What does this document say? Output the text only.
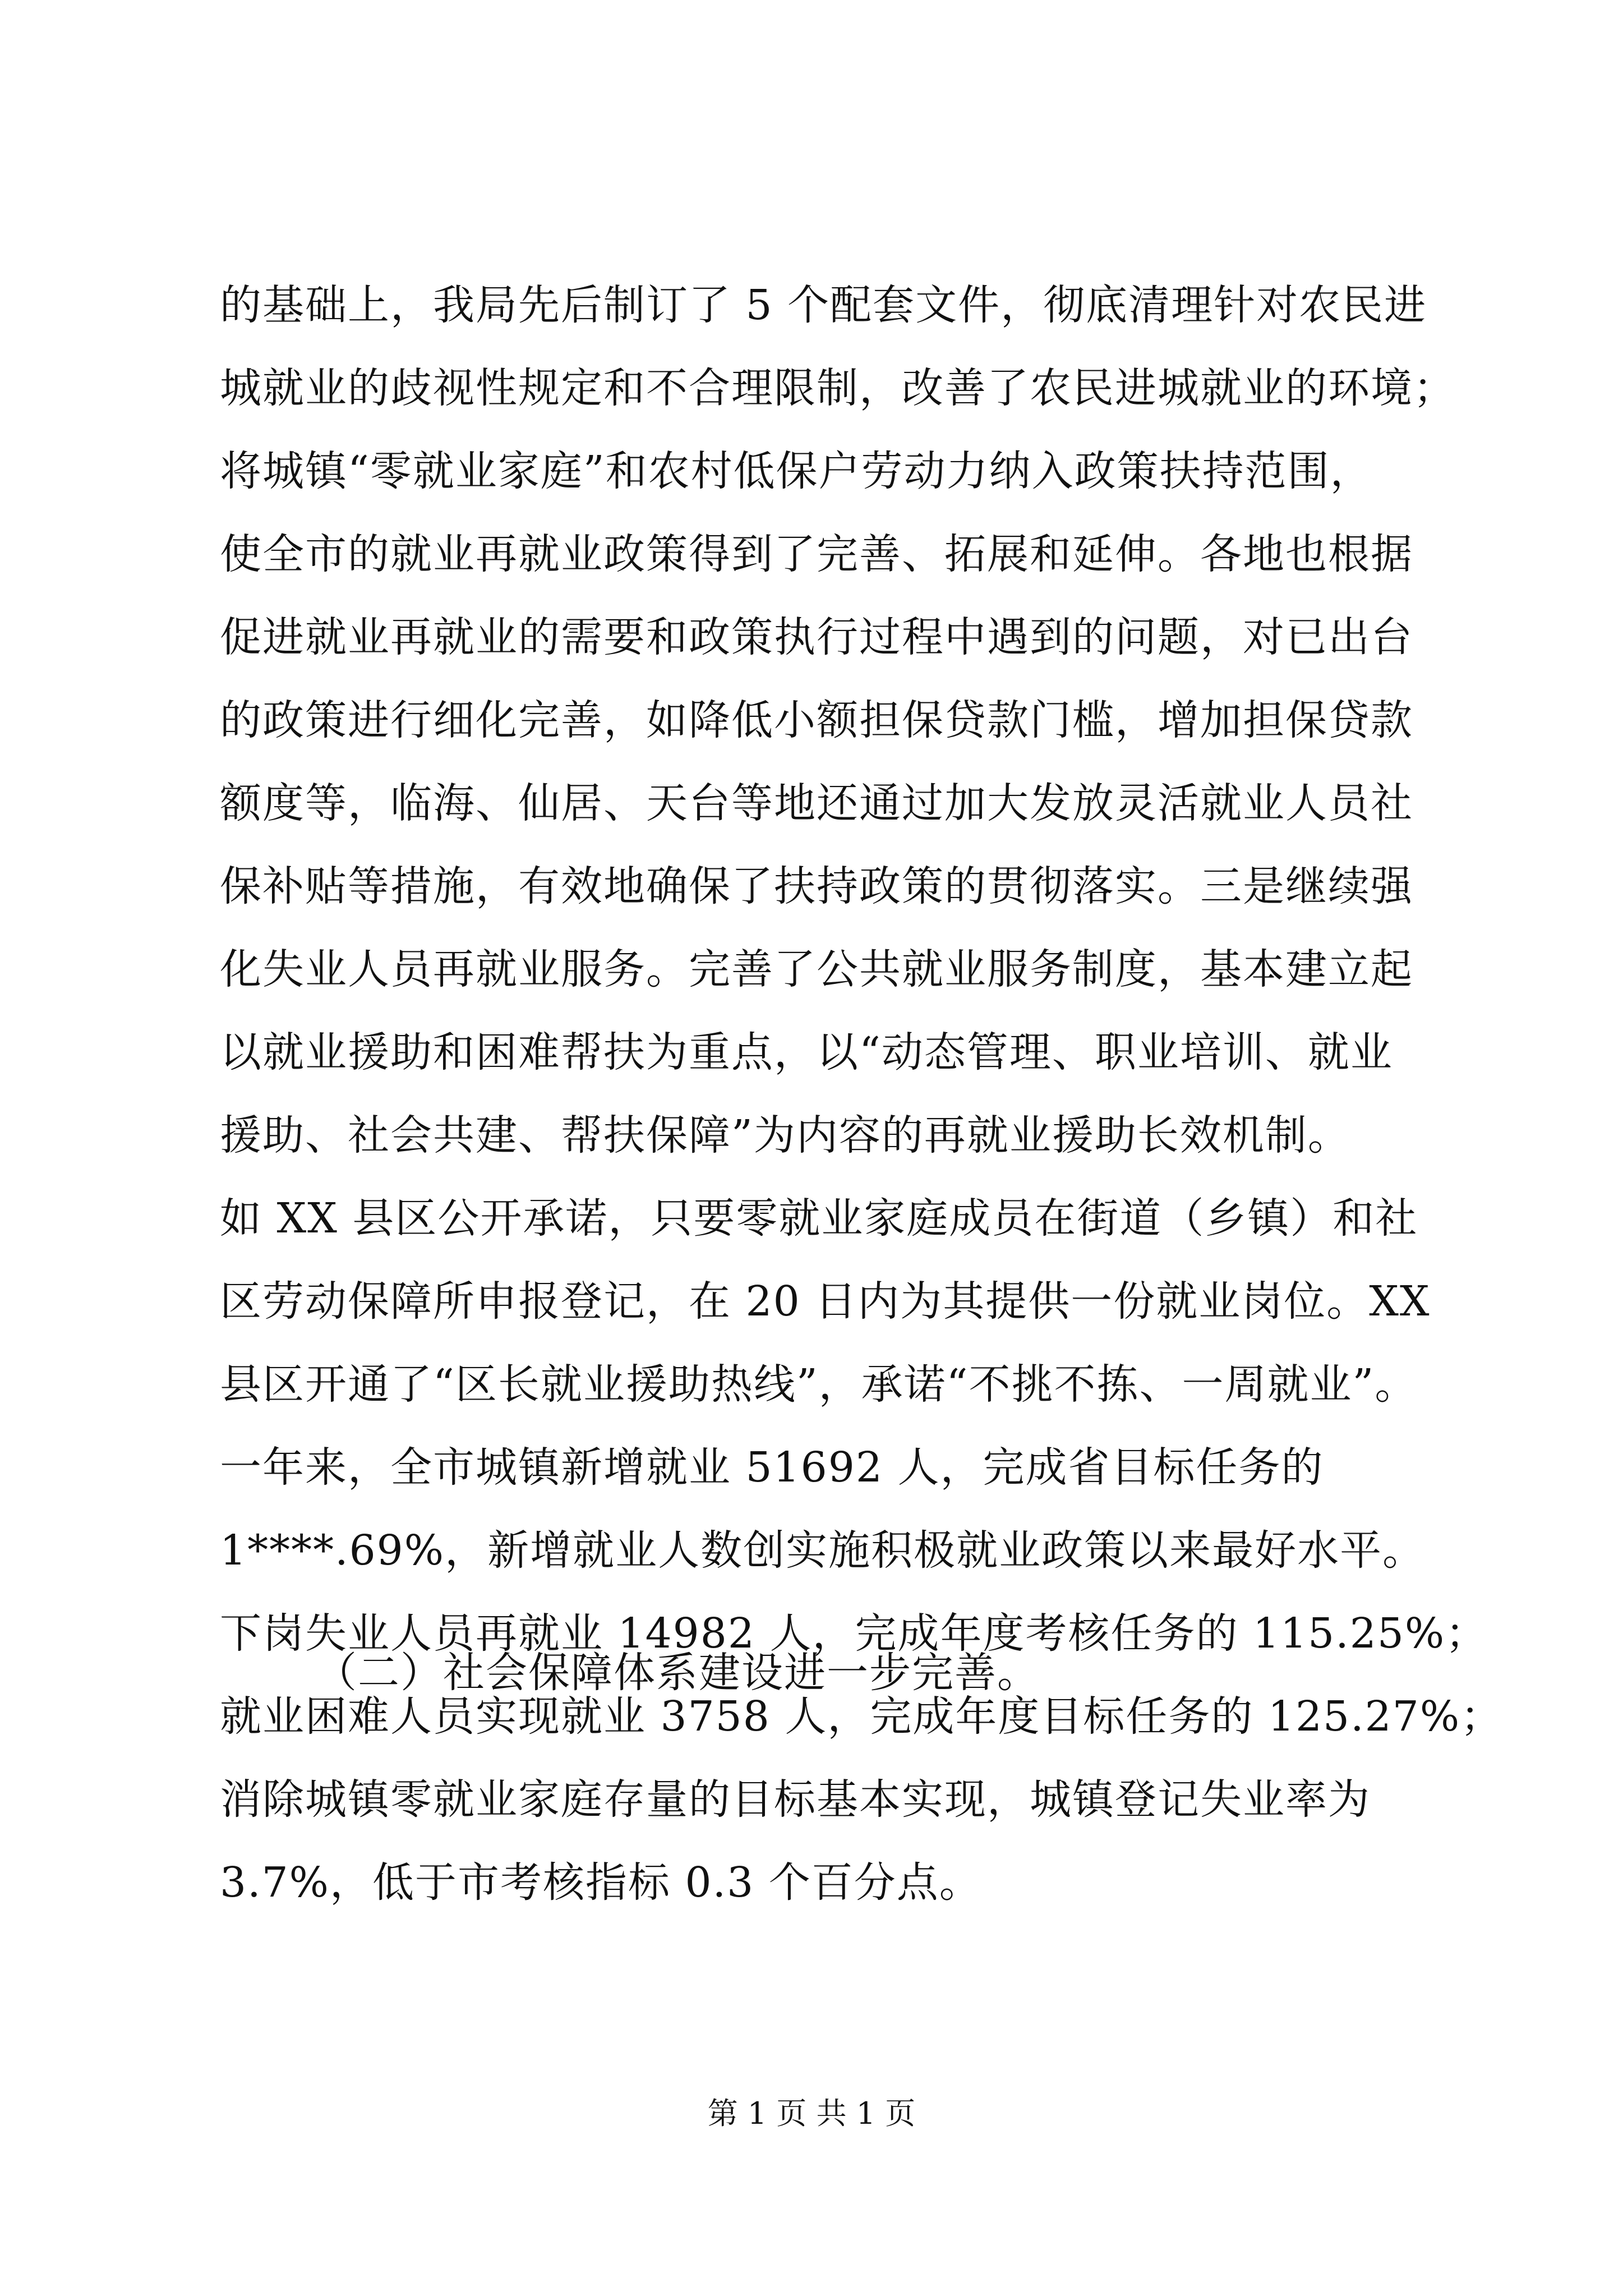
的基础上，我局先后制订了 5 个配套文件，彻底清理针对农民进
城就业的歧视性规定和不合理限制，改善了农民进城就业的环境；
将城镇“零就业家庭”和农村低保户劳动力纳入政策扶持范围，
使全市的就业再就业政策得到了完善、拓展和延伸。各地也根据
促进就业再就业的需要和政策执行过程中遇到的问题，对已出台
的政策进行细化完善，如降低小额担保贷款门槛，增加担保贷款
额度等，临海、仙居、天台等地还通过加大发放灵活就业人员社
保补贴等措施，有效地确保了扶持政策的贯彻落实。三是继续强
化失业人员再就业服务。完善了公共就业服务制度，基本建立起
以就业援助和困难帮扶为重点，以“动态管理、职业培训、就业
援助、社会共建、帮扶保障”为内容的再就业援助长效机制。
如 XX 县区公开承诺，只要零就业家庭成员在街道（乡镇）和社
区劳动保障所申报登记，在 20 日内为其提供一份就业岗位。XX
县区开通了“区长就业援助热线”，承诺“不挑不拣、一周就业”。
一年来，全市城镇新增就业 51692 人，完成省目标任务的
1****.69%，新增就业人数创实施积极就业政策以来最好水平。
下岗失业人员再就业 14982 人，完成年度考核任务的 115.25%；
就业困难人员实现就业 3758 人，完成年度目标任务的 125.27%；
消除城镇零就业家庭存量的目标基本实现，城镇登记失业率为
3.7%，低于市考核指标 0.3 个百分点。
（二）社会保障体系建设进一步完善。
第 1 页 共 1 页
